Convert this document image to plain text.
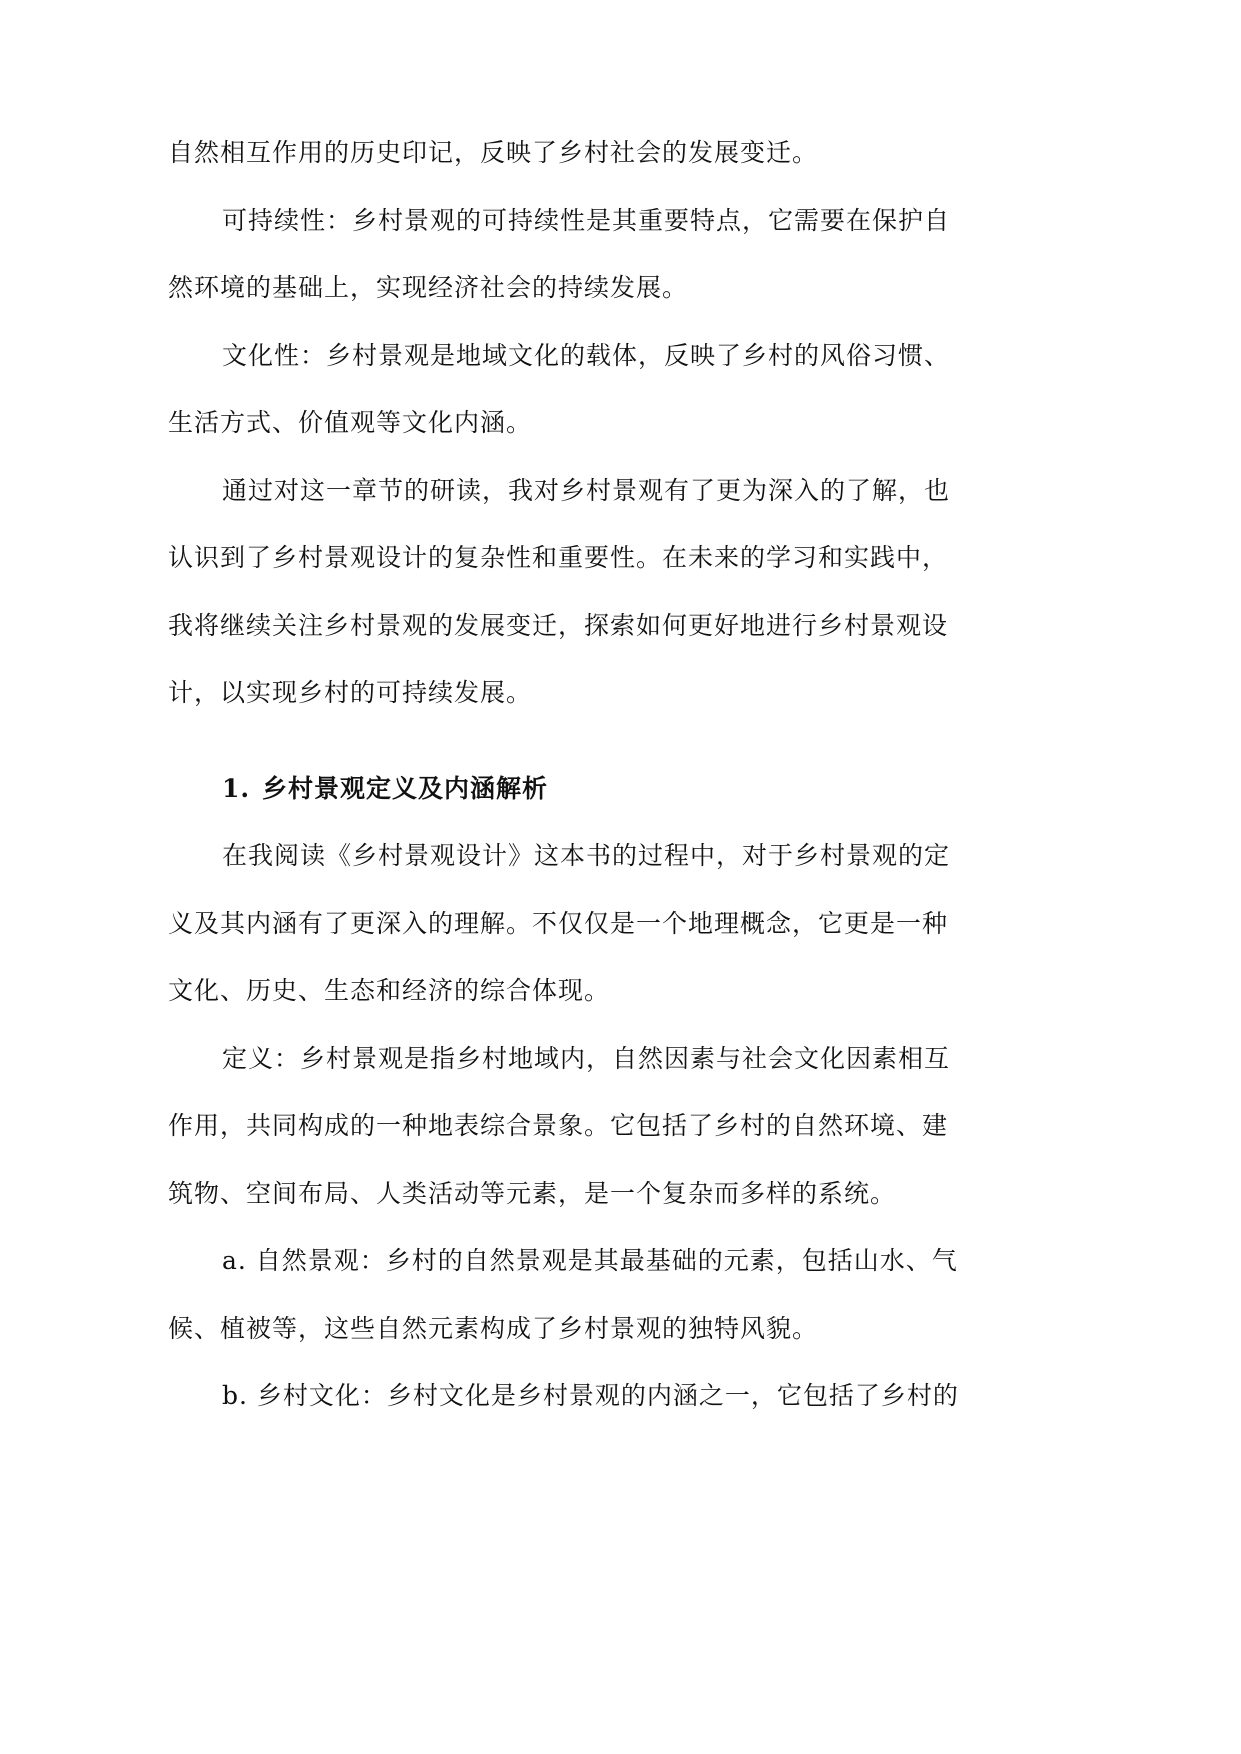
自然相互作用的历史印记，反映了乡村社会的发展变迁。
可持续性：乡村景观的可持续性是其重要特点，它需要在保护自
然环境的基础上，实现经济社会的持续发展。
文化性：乡村景观是地域文化的载体，反映了乡村的风俗习惯、
生活方式、价值观等文化内涵。
通过对这一章节的研读，我对乡村景观有了更为深入的了解，也
认识到了乡村景观设计的复杂性和重要性。在未来的学习和实践中，
我将继续关注乡村景观的发展变迁，探索如何更好地进行乡村景观设
计，以实现乡村的可持续发展。
1. 乡村景观定义及内涵解析
在我阅读《乡村景观设计》这本书的过程中，对于乡村景观的定
义及其内涵有了更深入的理解。不仅仅是一个地理概念，它更是一种
文化、历史、生态和经济的综合体现。
定义：乡村景观是指乡村地域内，自然因素与社会文化因素相互
作用，共同构成的一种地表综合景象。它包括了乡村的自然环境、建
筑物、空间布局、人类活动等元素，是一个复杂而多样的系统。
a. 自然景观：乡村的自然景观是其最基础的元素，包括山水、气
候、植被等，这些自然元素构成了乡村景观的独特风貌。
b. 乡村文化：乡村文化是乡村景观的内涵之一，它包括了乡村的
